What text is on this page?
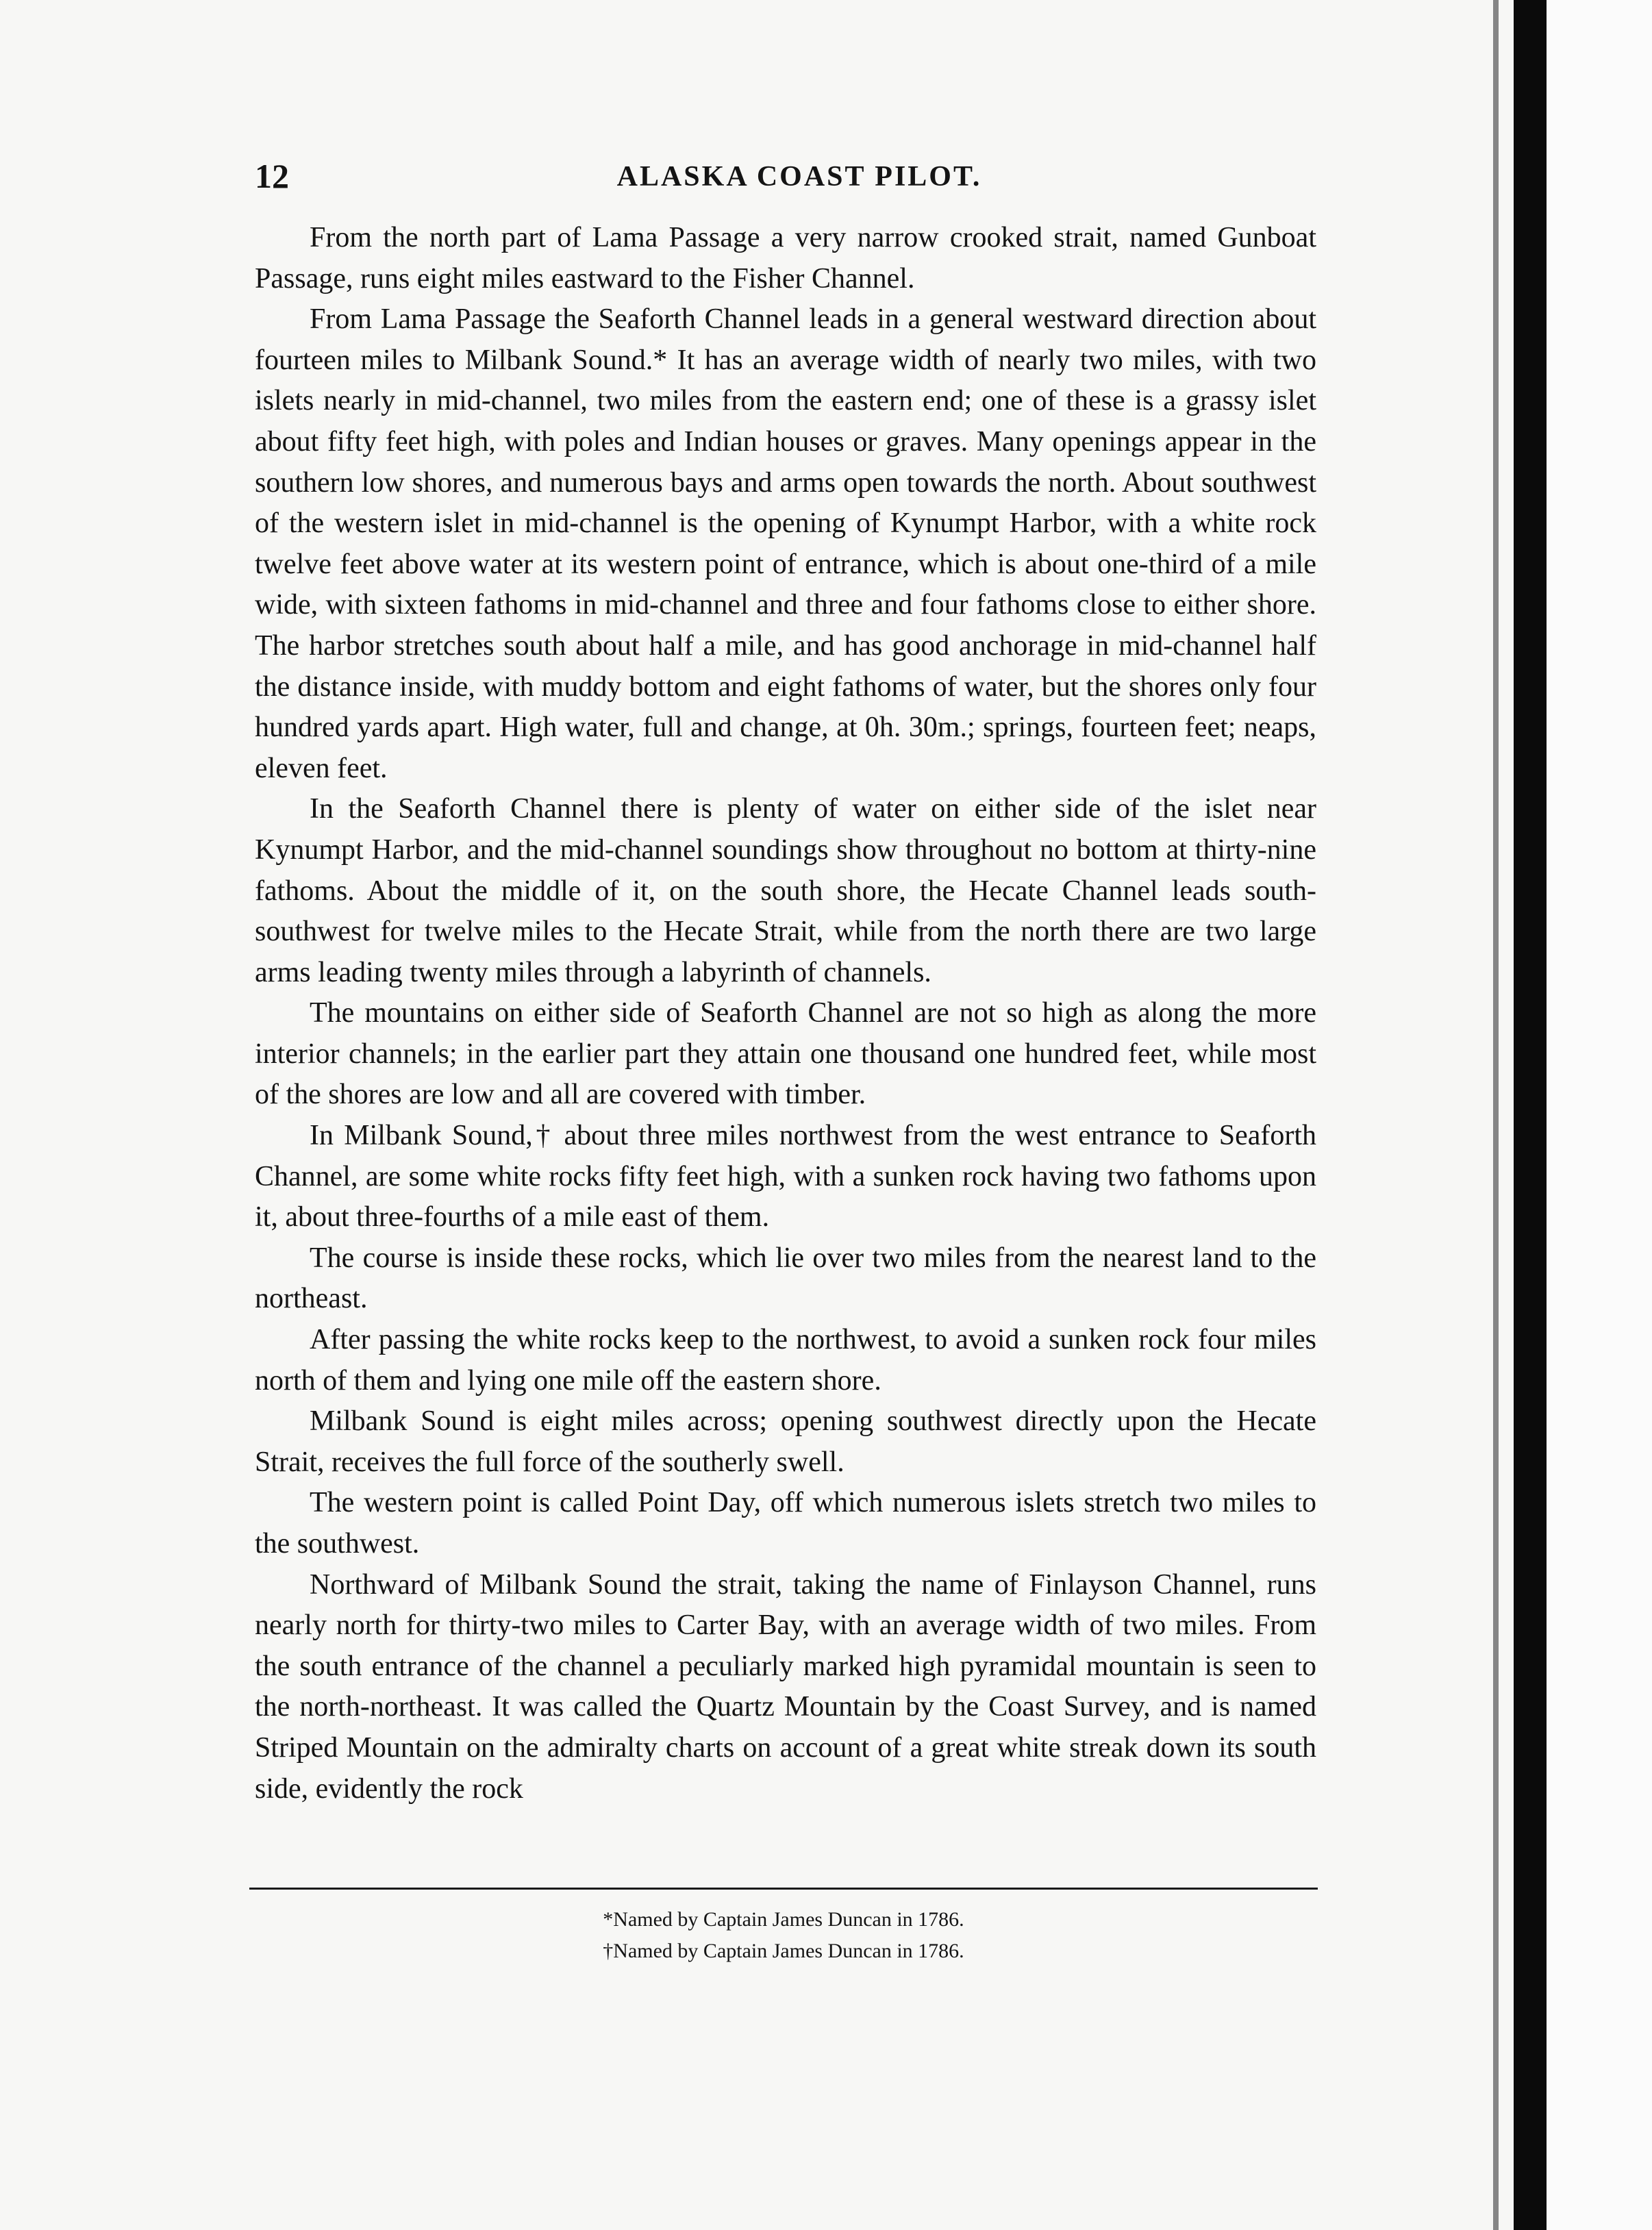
12	ALASKA COAST PILOT.

From the north part of Lama Passage a very narrow crooked strait, named Gunboat Passage, runs eight miles eastward to the Fisher Channel.

From Lama Passage the Seaforth Channel leads in a general westward direction about fourteen miles to Milbank Sound.* It has an average width of nearly two miles, with two islets nearly in mid-channel, two miles from the eastern end; one of these is a grassy islet about fifty feet high, with poles and Indian houses or graves. Many openings appear in the southern low shores, and numerous bays and arms open towards the north. About southwest of the western islet in mid-channel is the opening of Kynumpt Harbor, with a white rock twelve feet above water at its western point of entrance, which is about one-third of a mile wide, with sixteen fathoms in mid-channel and three and four fathoms close to either shore. The harbor stretches south about half a mile, and has good anchorage in mid-channel half the distance inside, with muddy bottom and eight fathoms of water, but the shores only four hundred yards apart. High water, full and change, at 0h. 30m.; springs, fourteen feet; neaps, eleven feet.

In the Seaforth Channel there is plenty of water on either side of the islet near Kynumpt Harbor, and the mid-channel soundings show throughout no bottom at thirty-nine fathoms. About the middle of it, on the south shore, the Hecate Channel leads south-southwest for twelve miles to the Hecate Strait, while from the north there are two large arms leading twenty miles through a labyrinth of channels.

The mountains on either side of Seaforth Channel are not so high as along the more interior channels; in the earlier part they attain one thousand one hundred feet, while most of the shores are low and all are covered with timber.

In Milbank Sound,† about three miles northwest from the west entrance to Seaforth Channel, are some white rocks fifty feet high, with a sunken rock having two fathoms upon it, about three-fourths of a mile east of them.

The course is inside these rocks, which lie over two miles from the nearest land to the northeast.

After passing the white rocks keep to the northwest, to avoid a sunken rock four miles north of them and lying one mile off the eastern shore.

Milbank Sound is eight miles across; opening southwest directly upon the Hecate Strait, receives the full force of the southerly swell.

The western point is called Point Day, off which numerous islets stretch two miles to the southwest.

Northward of Milbank Sound the strait, taking the name of Finlayson Channel, runs nearly north for thirty-two miles to Carter Bay, with an average width of two miles. From the south entrance of the channel a peculiarly marked high pyramidal mountain is seen to the north-northeast. It was called the Quartz Mountain by the Coast Survey, and is named Striped Mountain on the admiralty charts on account of a great white streak down its south side, evidently the rock

*Named by Captain James Duncan in 1786.
†Named by Captain James Duncan in 1786.
